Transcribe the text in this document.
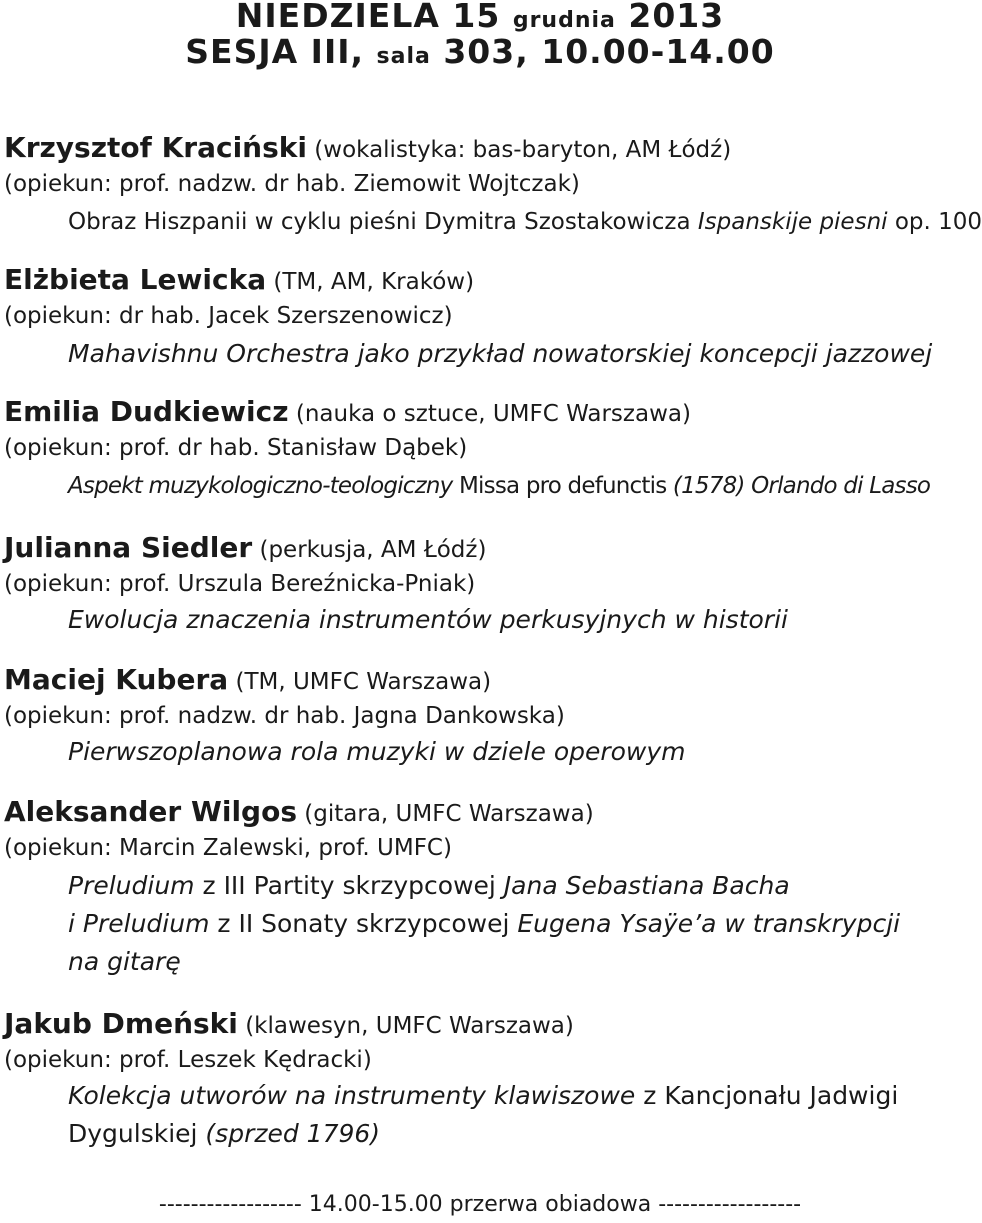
NIEDZIELA 15 grudnia 2013
SESJA III, sala 303, 10.00-14.00
Krzysztof Kraciński (wokalistyka: bas-baryton, AM Łódź)
(opiekun: prof. nadzw. dr hab. Ziemowit Wojtczak)
Obraz Hiszpanii w cyklu pieśni Dymitra Szostakowicza Ispanskije piesni op. 100
Elżbieta Lewicka (TM, AM, Kraków)
(opiekun: dr hab. Jacek Szerszenowicz)
Mahavishnu Orchestra jako przykład nowatorskiej koncepcji jazzowej
Emilia Dudkiewicz (nauka o sztuce, UMFC Warszawa)
(opiekun: prof. dr hab. Stanisław Dąbek)
Aspekt muzykologiczno-teologiczny Missa pro defunctis (1578) Orlando di Lasso
Julianna Siedler (perkusja, AM Łódź)
(opiekun: prof. Urszula Bereźnicka-Pniak)
Ewolucja znaczenia instrumentów perkusyjnych w historii
Maciej Kubera (TM, UMFC Warszawa)
(opiekun: prof. nadzw. dr hab. Jagna Dankowska)
Pierwszoplanowa rola muzyki w dziele operowym
Aleksander Wilgos (gitara, UMFC Warszawa)
(opiekun: Marcin Zalewski, prof. UMFC)
Preludium z III Partity skrzypcowej Jana Sebastiana Bacha
i Preludium z II Sonaty skrzypcowej Eugena Ysaÿe’a w transkrypcji
na gitarę
Jakub Dmeński (klawesyn, UMFC Warszawa)
(opiekun: prof. Leszek Kędracki)
Kolekcja utworów na instrumenty klawiszowe z Kancjonału Jadwigi
Dygulskiej (sprzed 1796)
------------------ 14.00-15.00 przerwa obiadowa ------------------
